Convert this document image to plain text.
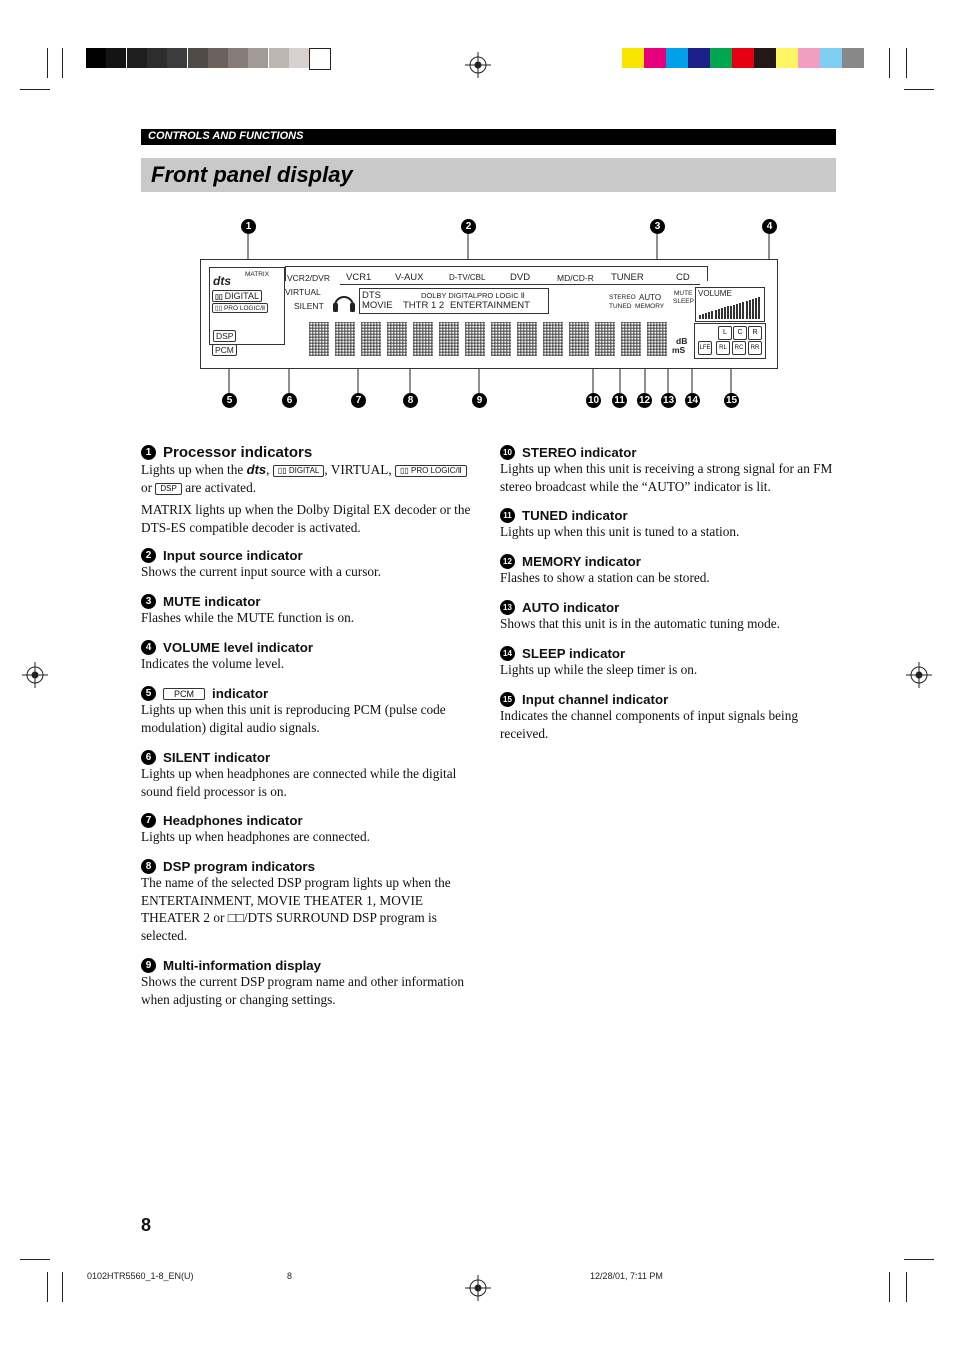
CONTROLS AND FUNCTIONS
Front panel display
1	2	3	4
MATRIX
dts
▯▯ DIGITAL
▯▯ PRO LOGIC/Ⅱ
DSP
PCM
VCR2/DVR VCR1 V-AUX	D-TV/CBL	DVD	MD/CD-R TUNER	CD
VIRTUAL
SILENT
DTS	DOLBY DIGITALPRO LOGIC Ⅱ
MOVIE THTR 1 2 ENTERTAINMENT
STEREO
TUNED
AUTO
MEMORY
MUTE
SLEEP
VOLUME
dB
mS
L	C	R
LFE	RL	RC	RR
5	6	7	8	9	10 11 12 13 14	15
1 Processor indicators

Lights up when the dts, ▯▯ DIGITAL , VIRTUAL, ▯▯ PRO LOGIC/Ⅱ or DSP are activated.

MATRIX lights up when the Dolby Digital EX decoder or the DTS-ES compatible decoder is activated.

2 Input source indicator

Shows the current input source with a cursor.

3 MUTE indicator

Flashes while the MUTE function is on.

4 VOLUME level indicator

Indicates the volume level.

5	PCM	indicator

Lights up when this unit is reproducing PCM (pulse code modulation) digital audio signals.

6 SILENT indicator

Lights up when headphones are connected while the digital sound field processor is on.

7 Headphones indicator

Lights up when headphones are connected.

8 DSP program indicators

The name of the selected DSP program lights up when the ENTERTAINMENT, MOVIE THEATER 1, MOVIE THEATER 2 or □□/DTS SURROUND DSP program is selected.

9 Multi-information display

Shows the current DSP program name and other information when adjusting or changing settings.

10 STEREO indicator

Lights up when this unit is receiving a strong signal for an FM stereo broadcast while the “AUTO” indicator is lit.

11 TUNED indicator

Lights up when this unit is tuned to a station.

12 MEMORY indicator

Flashes to show a station can be stored.

13 AUTO indicator

Shows that this unit is in the automatic tuning mode.

14 SLEEP indicator

Lights up while the sleep timer is on.

15 Input channel indicator

Indicates the channel components of input signals being received.

8
0102HTR5560_1-8_EN(U)	8	12/28/01, 7:11 PM
